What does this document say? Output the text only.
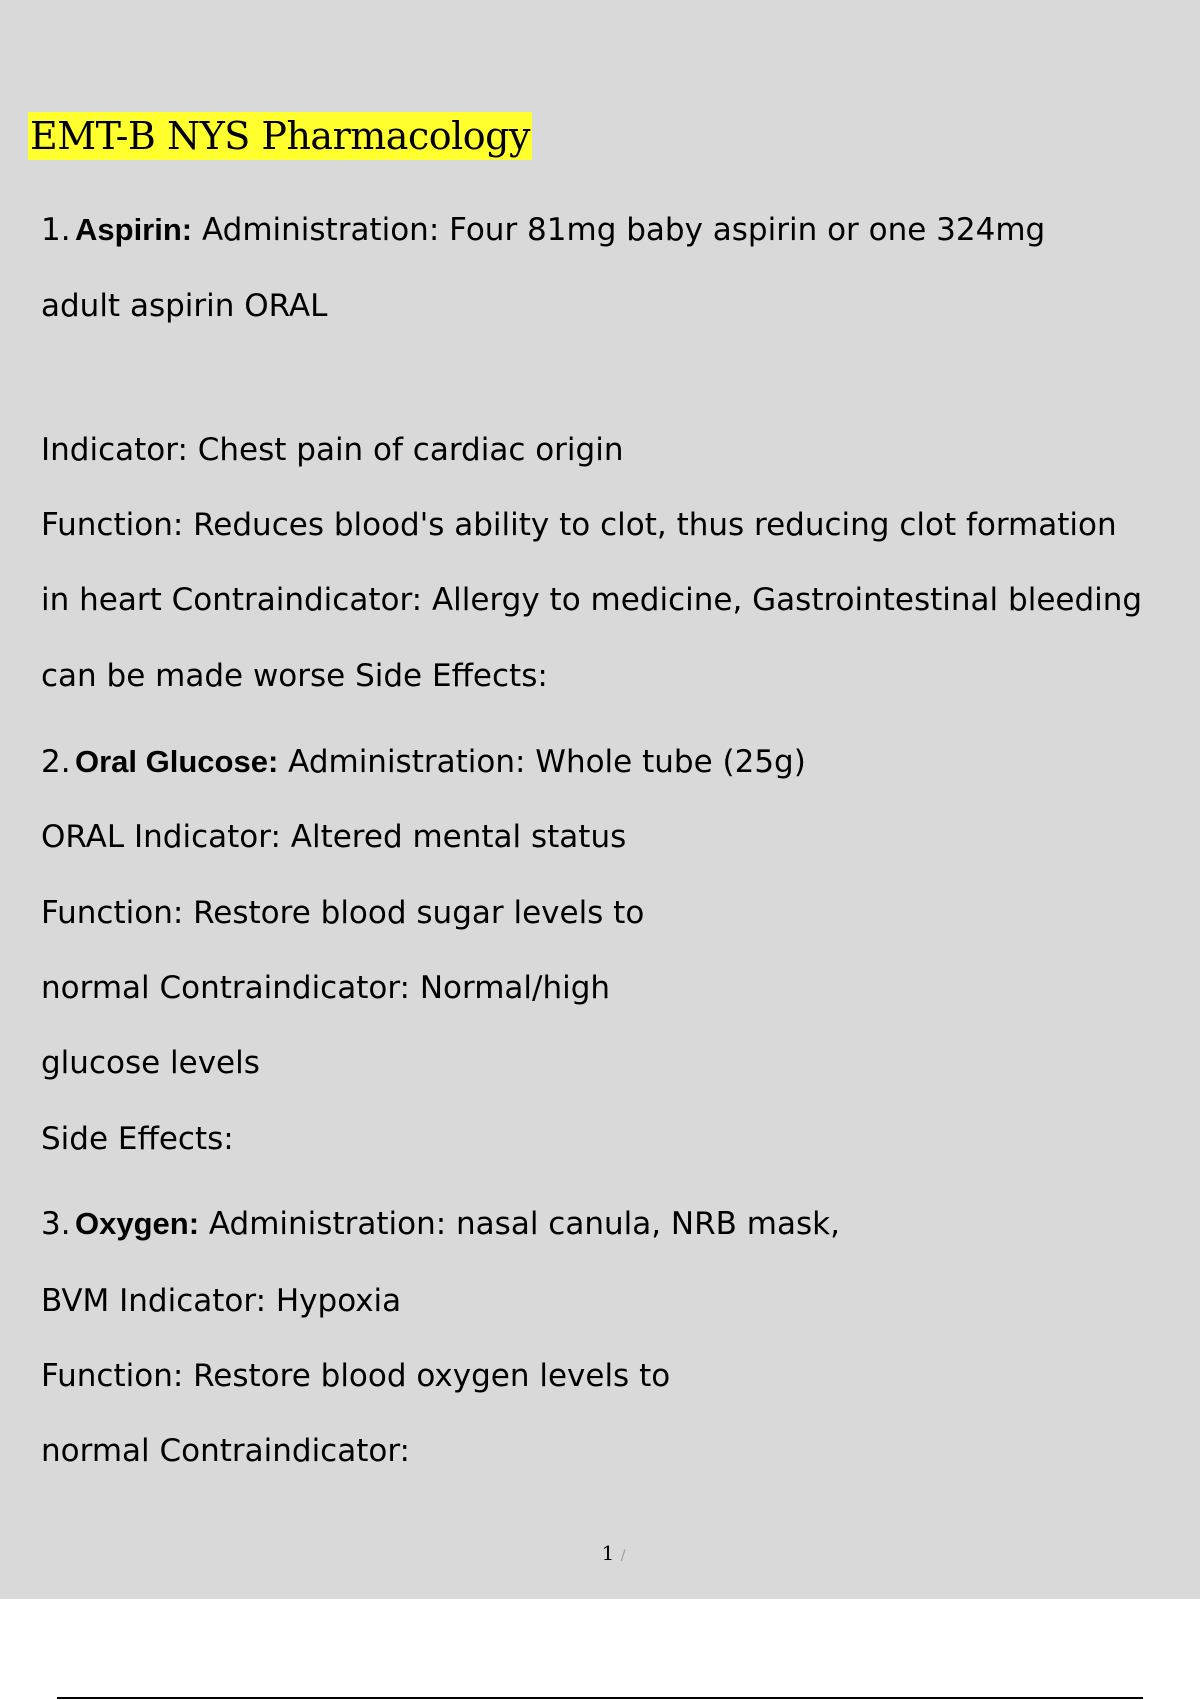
EMT-B NYS Pharmacology

1. Aspirin: Administration: Four 81mg baby aspirin or one 324mg

adult aspirin ORAL

Indicator: Chest pain of cardiac origin

Function: Reduces blood's ability to clot, thus reducing clot formation

in heart Contraindicator: Allergy to medicine, Gastrointestinal bleeding

can be made worse Side Effects:

2. Oral Glucose: Administration: Whole tube (25g)

ORAL Indicator: Altered mental status

Function: Restore blood sugar levels to

normal Contraindicator: Normal/high

glucose levels

Side Effects:

3. Oxygen: Administration: nasal canula, NRB mask,

BVM Indicator: Hypoxia

Function: Restore blood oxygen levels to

normal Contraindicator:

1 /
